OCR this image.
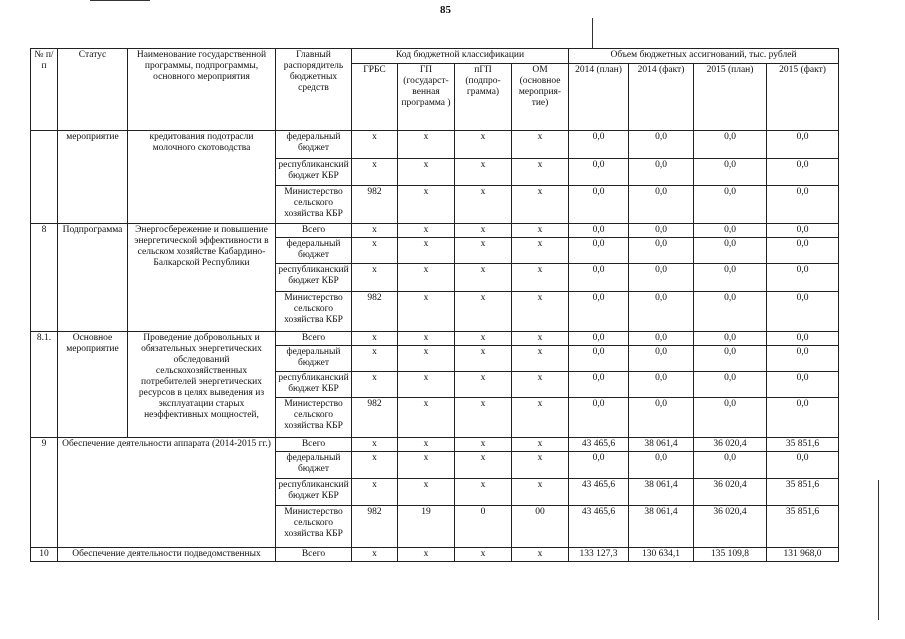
85
№ п/п	Статус	Наименование государственной программы, подпрограммы, основного мероприятия	Главный распорядитель бюджетных средств	Код бюджетной классификации				Объем бюджетных ассигнований, тыс. рублей			
				ГРБС	ГП (государст-венная программа )	пГП (подпро-грамма)	ОМ (основное мероприя-тие)	2014 (план)	2014 (факт)	2015 (план)	2015 (факт)
	мероприятие	кредитования подотрасли молочного скотоводства	федеральный бюджет	x	x	x	x	0,0	0,0	0,0	0,0
			республиканский бюджет КБР	x	x	x	x	0,0	0,0	0,0	0,0
			Министерство сельского хозяйства КБР	982	x	x	x	0,0	0,0	0,0	0,0
8	Подпрограмма	Энергосбережение и повышение энергетической эффективности в сельском хозяйстве Кабардино-Балкарской Республики	Всего	x	x	x	x	0,0	0,0	0,0	0,0
			федеральный бюджет	x	x	x	x	0,0	0,0	0,0	0,0
			республиканский бюджет КБР	x	x	x	x	0,0	0,0	0,0	0,0
			Министерство сельского хозяйства КБР	982	x	x	x	0,0	0,0	0,0	0,0
8.1.	Основное мероприятие	Проведение добровольных и обязательных энергетических обследований сельскохозяйственных потребителей энергетических ресурсов в целях выведения из эксплуатации старых неэффективных мощностей,	Всего	x	x	x	x	0,0	0,0	0,0	0,0
			федеральный бюджет	x	x	x	x	0,0	0,0	0,0	0,0
			республиканский бюджет КБР	x	x	x	x	0,0	0,0	0,0	0,0
			Министерство сельского хозяйства КБР	982	x	x	x	0,0	0,0	0,0	0,0
9	Обеспечение деятельности аппарата (2014-2015 гг.)		Всего	x	x	x	x	43 465,6	38 061,4	36 020,4	35 851,6
			федеральный бюджет	x	x	x	x	0,0	0,0	0,0	0,0
			республиканский бюджет КБР	x	x	x	x	43 465,6	38 061,4	36 020,4	35 851,6
			Министерство сельского хозяйства КБР	982	19	0	00	43 465,6	38 061,4	36 020,4	35 851,6
10	Обеспечение деятельности подведомственных		Всего	x	x	x	x	133 127,3	130 634,1	135 109,8	131 968,0
